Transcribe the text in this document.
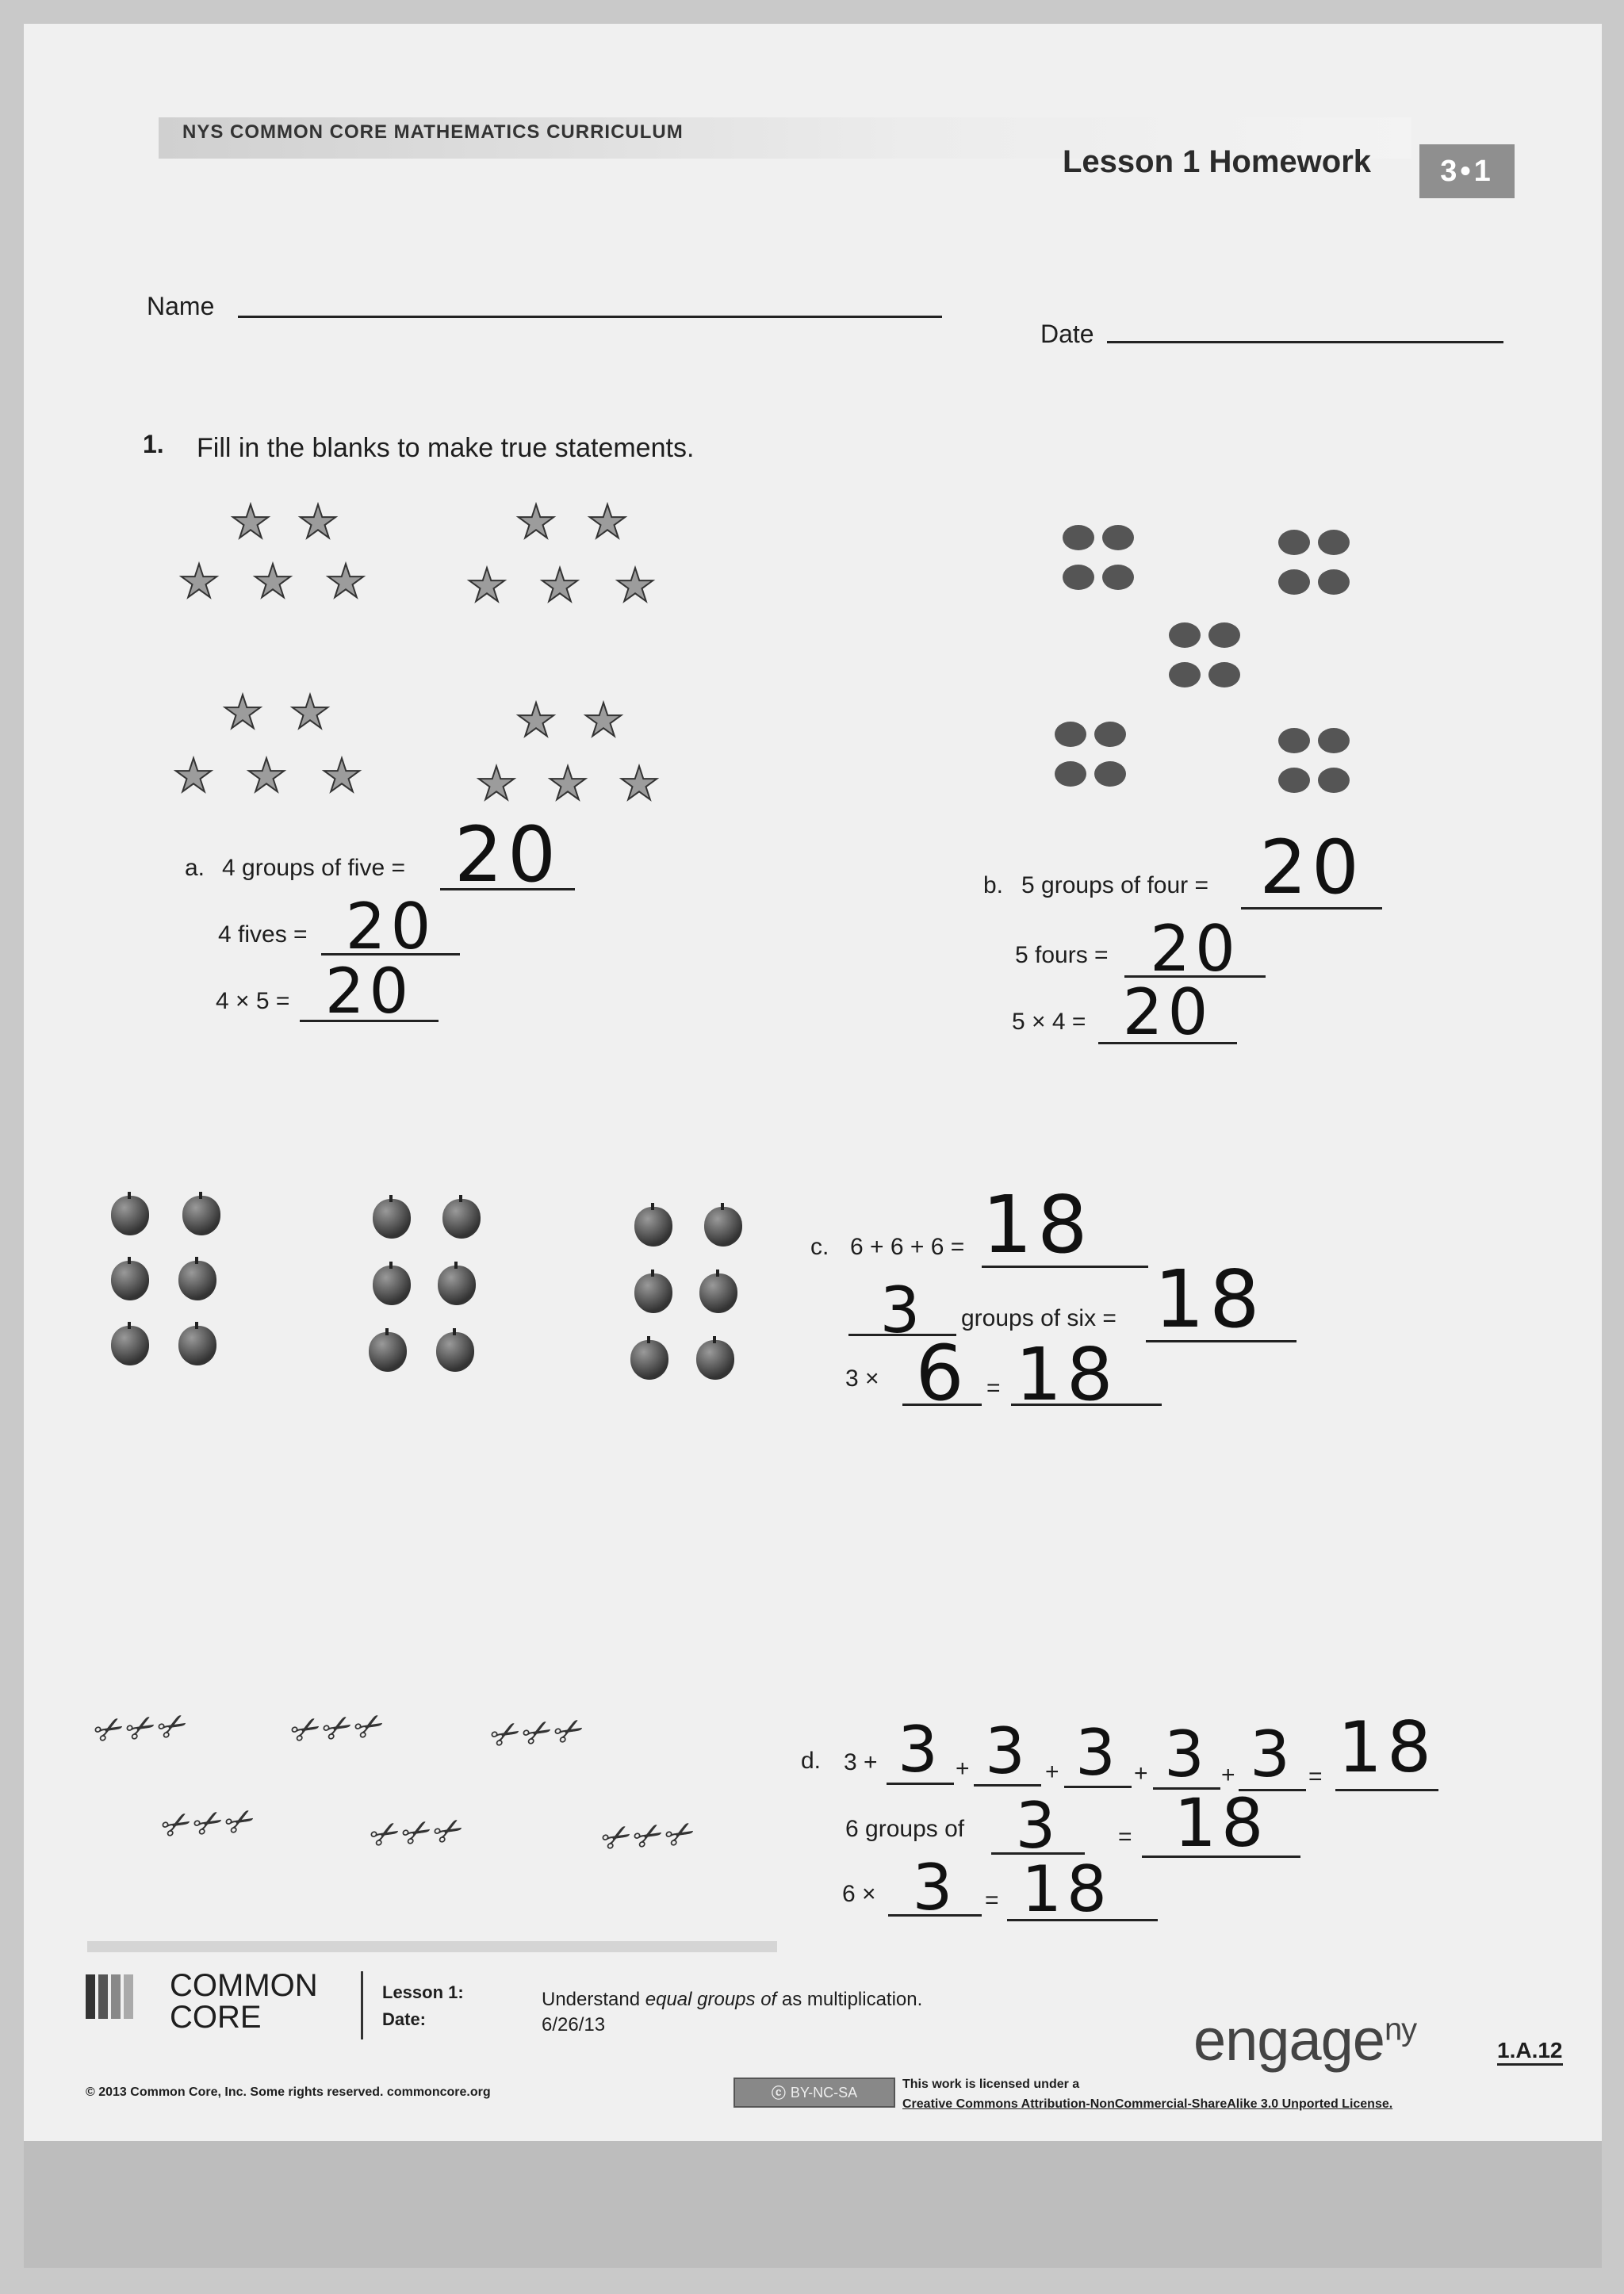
NYS COMMON CORE MATHEMATICS CURRICULUM
Lesson 1 Homework	3•1
Name
Date
1. Fill in the blanks to make true statements.
★ ★
★ ★ ★
★ ★
★ ★ ★
★ ★
★ ★ ★
★ ★
★ ★ ★
a. 4 groups of five = 20
4 fives = 20
4 × 5 = 20
b. 5 groups of four = 20
5 fours = 20
5 × 4 = 20
c. 6 + 6 + 6 = 18
3	groups of six = 18
3 × 6 = 18
✂
✂
✂	✂
✂
✂	✂
✂
✂
✂
✂
✂	✂
✂
✂	✂
✂
✂
d. 3 + 3 + 3 + 3 + 3 + 3 = 18
6 groups of 3	= 18
6 × 3	= 18
COMMON
CORE
Lesson 1:
Date:
Understand equal groups of as multiplication.
6/26/13	engage$^{ny}$
1.A.12
© 2013 Common Core, Inc. Some rights reserved. commoncore.org	ⓒ BY-NC-SA	This work is licensed under a
Creative Commons Attribution-NonCommercial-ShareAlike 3.0 Unported License.
